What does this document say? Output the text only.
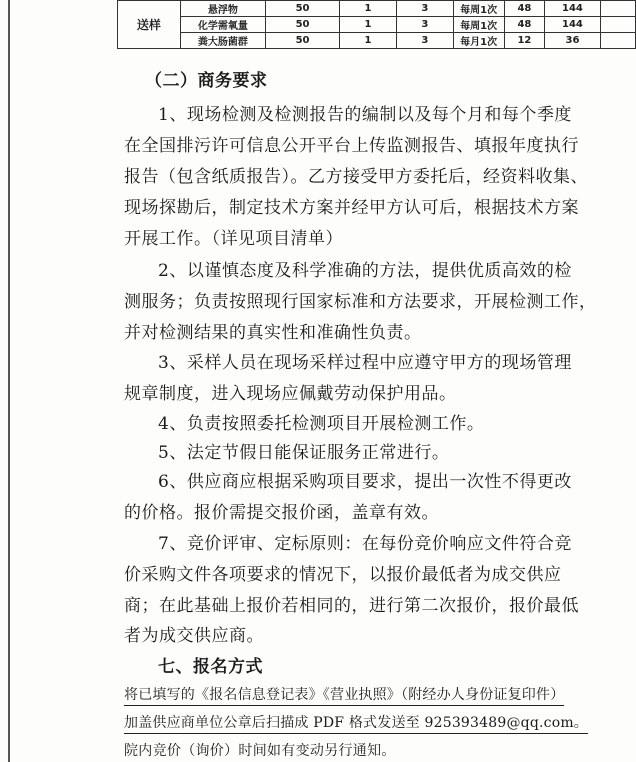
送样	悬浮物	50	1	3	每周1次	48	144	
	化学需氧量	50	1	3	每周1次	48	144	
	粪大肠菌群	50	1	3	每月1次	12	36	
（二）商务要求
1、现场检测及检测报告的编制以及每个月和每个季度
在全国排污许可信息公开平台上传监测报告、填报年度执行
报告（包含纸质报告）。乙方接受甲方委托后，经资料收集、
现场探勘后，制定技术方案并经甲方认可后，根据技术方案
开展工作。（详见项目清单）
2、以谨慎态度及科学准确的方法，提供优质高效的检
测服务；负责按照现行国家标准和方法要求，开展检测工作，
并对检测结果的真实性和准确性负责。
3、采样人员在现场采样过程中应遵守甲方的现场管理
规章制度，进入现场应佩戴劳动保护用品。
4、负责按照委托检测项目开展检测工作。
5、法定节假日能保证服务正常进行。
6、供应商应根据采购项目要求，提出一次性不得更改
的价格。报价需提交报价函，盖章有效。
7、竞价评审、定标原则：在每份竞价响应文件符合竞
价采购文件各项要求的情况下，以报价最低者为成交供应
商；在此基础上报价若相同的，进行第二次报价，报价最低
者为成交供应商。
七、报名方式
将已填写的《报名信息登记表》《营业执照》（附经办人身份证复印件）
加盖供应商单位公章后扫描成 PDF 格式发送至 925393489@qq.com。
院内竞价（询价）时间如有变动另行通知。
